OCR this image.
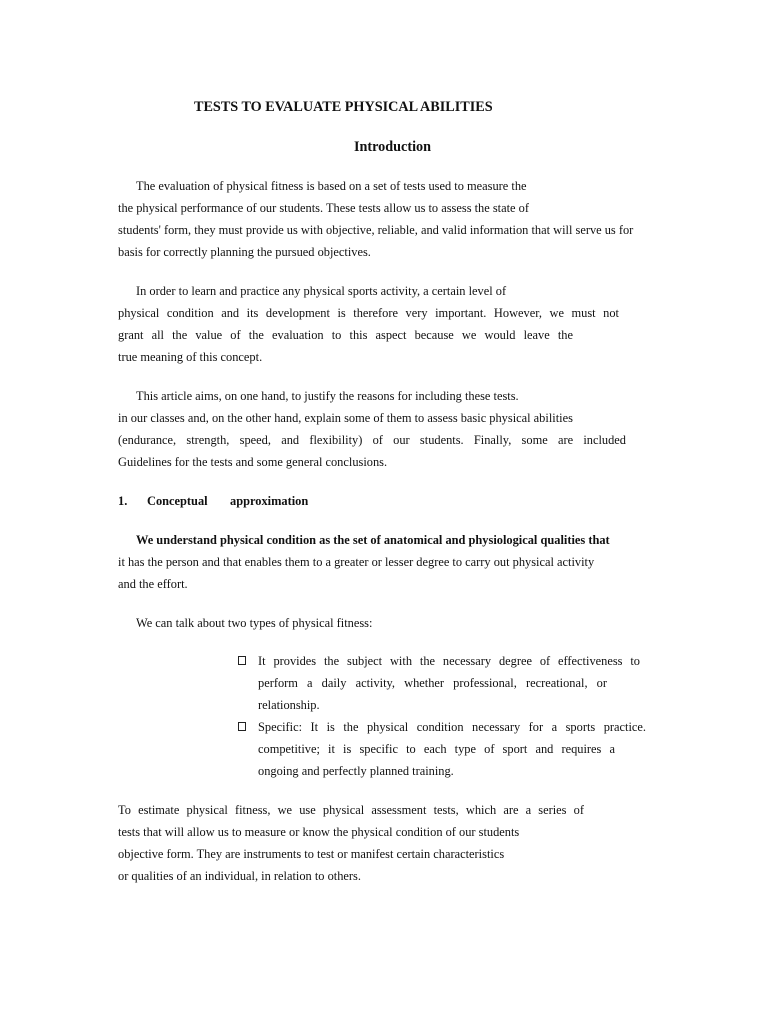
TESTS TO EVALUATE PHYSICAL ABILITIES
Introduction
The evaluation of physical fitness is based on a set of tests used to measure the
the physical performance of our students. These tests allow us to assess the state of
students' form, they must provide us with objective, reliable, and valid information that will serve us for
basis for correctly planning the pursued objectives.
In order to learn and practice any physical sports activity, a certain level of
physical condition and its development is therefore very important. However, we must not
grant all the value of the evaluation to this aspect because we would leave the
true meaning of this concept.
This article aims, on one hand, to justify the reasons for including these tests.
in our classes and, on the other hand, explain some of them to assess basic physical abilities
(endurance, strength, speed, and flexibility) of our students. Finally, some are included
Guidelines for the tests and some general conclusions.
1. Conceptual approximation
We understand physical condition as the set of anatomical and physiological qualities that
it has the person and that enables them to a greater or lesser degree to carry out physical activity
and the effort.
We can talk about two types of physical fitness:
It provides the subject with the necessary degree of effectiveness to
perform a daily activity, whether professional, recreational, or
relationship.
Specific: It is the physical condition necessary for a sports practice.
competitive; it is specific to each type of sport and requires a
ongoing and perfectly planned training.
To estimate physical fitness, we use physical assessment tests, which are a series of
tests that will allow us to measure or know the physical condition of our students
objective form. They are instruments to test or manifest certain characteristics
or qualities of an individual, in relation to others.
